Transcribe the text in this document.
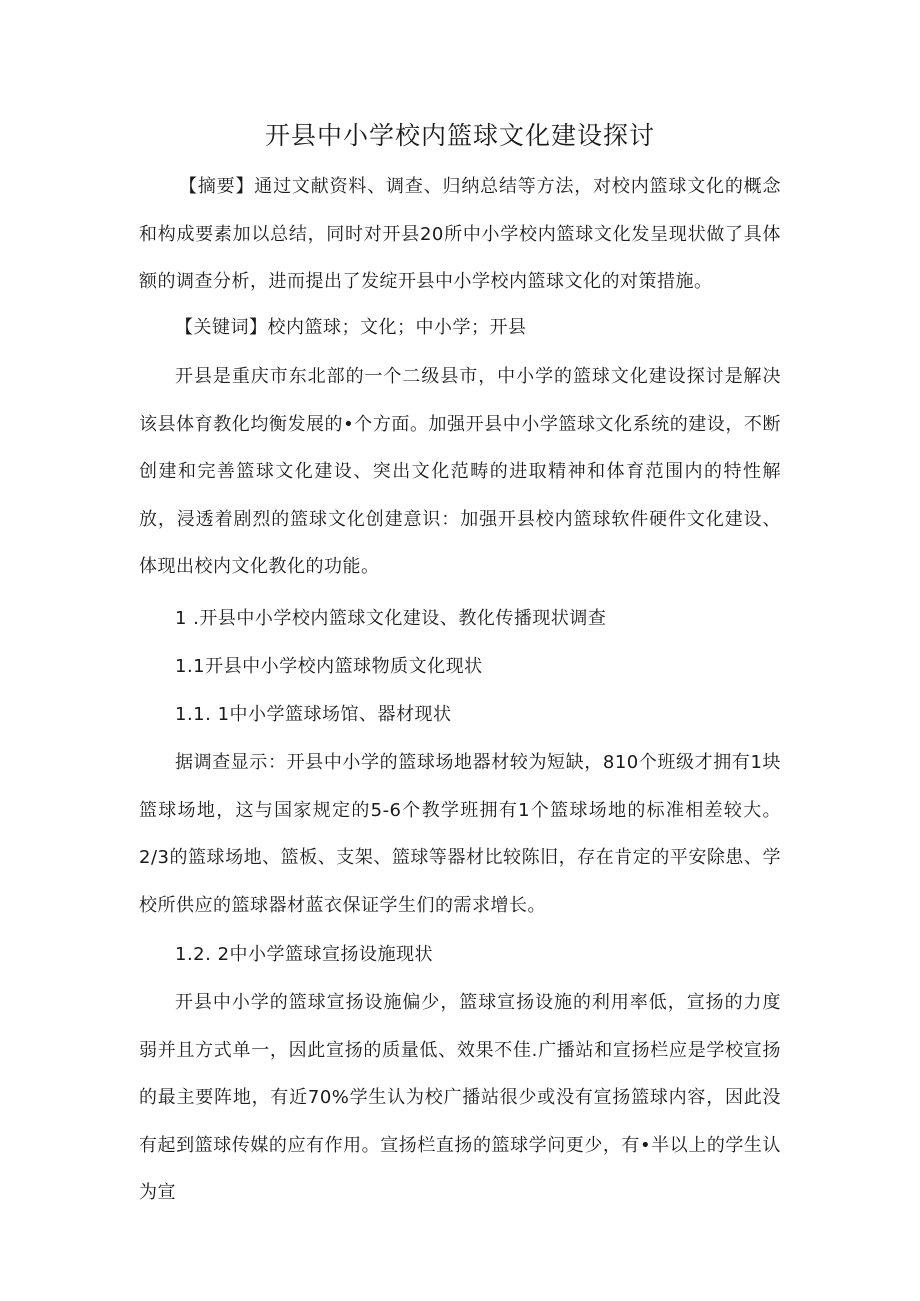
开县中小学校内篮球文化建设探讨

【摘要】通过文献资料、调查、归纳总结等方法，对校内篮球文化的概念和构成要素加以总结，同时对开县20所中小学校内篮球文化发呈现状做了具体额的调查分析，进而提出了发绽开县中小学校内篮球文化的对策措施。

【关键词】校内篮球；文化；中小学；开县

开县是重庆市东北部的一个二级县市，中小学的篮球文化建设探讨是解决该县体育教化均衡发展的•个方面。加强开县中小学篮球文化系统的建设，不断创建和完善篮球文化建设、突出文化范畴的进取精神和体育范围内的特性解放，浸透着剧烈的篮球文化创建意识：加强开县校内篮球软件硬件文化建设、体现出校内文化教化的功能。

1 .开县中小学校内篮球文化建设、教化传播现状调查
1.1开县中小学校内篮球物质文化现状
1.1. 1中小学篮球场馆、器材现状

据调查显示：开县中小学的篮球场地器材较为短缺，810个班级才拥有1块篮球场地，这与国家规定的5-6个教学班拥有1个篮球场地的标准相差较大。2/3的篮球场地、篮板、支架、篮球等器材比较陈旧，存在肯定的平安除患、学校所供应的篮球器材蓝衣保证学生们的需求增长。

1.2. 2中小学篮球宣扬设施现状

开县中小学的篮球宣扬设施偏少，篮球宣扬设施的利用率低，宣扬的力度弱并且方式单一，因此宣扬的质量低、效果不佳.广播站和宣扬栏应是学校宣扬的最主要阵地，有近70%学生认为校广播站很少或没有宣扬篮球内容，因此没有起到篮球传媒的应有作用。宣扬栏直扬的篮球学问更少，有•半以上的学生认为宣
